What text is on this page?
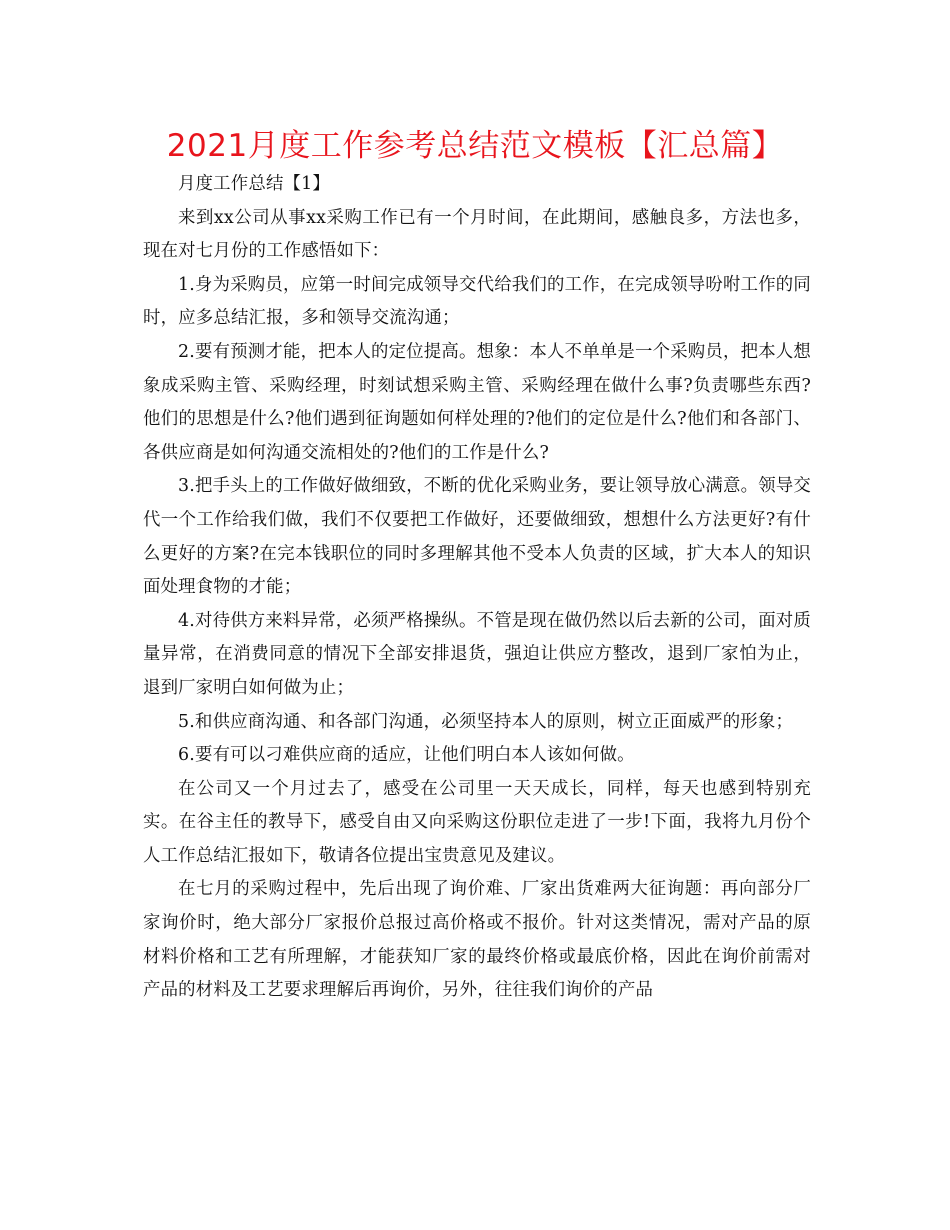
2021月度工作参考总结范文模板【汇总篇】

月度工作总结【1】

来到xx公司从事xx采购工作已有一个月时间，在此期间，感触良多，方法也多，现在对七月份的工作感悟如下：

1.身为采购员，应第一时间完成领导交代给我们的工作，在完成领导吩咐工作的同时，应多总结汇报，多和领导交流沟通；

2.要有预测才能，把本人的定位提高。想象：本人不单单是一个采购员，把本人想象成采购主管、采购经理，时刻试想采购主管、采购经理在做什么事?负责哪些东西?他们的思想是什么?他们遇到征询题如何样处理的?他们的定位是什么?他们和各部门、各供应商是如何沟通交流相处的?他们的工作是什么?

3.把手头上的工作做好做细致，不断的优化采购业务，要让领导放心满意。领导交代一个工作给我们做，我们不仅要把工作做好，还要做细致，想想什么方法更好?有什么更好的方案?在完本钱职位的同时多理解其他不受本人负责的区域，扩大本人的知识面处理食物的才能；

4.对待供方来料异常，必须严格操纵。不管是现在做仍然以后去新的公司，面对质量异常，在消费同意的情况下全部安排退货，强迫让供应方整改，退到厂家怕为止，退到厂家明白如何做为止；

5.和供应商沟通、和各部门沟通，必须坚持本人的原则，树立正面威严的形象；

6.要有可以刁难供应商的适应，让他们明白本人该如何做。

在公司又一个月过去了，感受在公司里一天天成长，同样，每天也感到特别充实。在谷主任的教导下，感受自由又向采购这份职位走进了一步!下面，我将九月份个人工作总结汇报如下，敬请各位提出宝贵意见及建议。

在七月的采购过程中，先后出现了询价难、厂家出货难两大征询题：再向部分厂家询价时，绝大部分厂家报价总报过高价格或不报价。针对这类情况，需对产品的原材料价格和工艺有所理解，才能获知厂家的最终价格或最底价格，因此在询价前需对产品的材料及工艺要求理解后再询价，另外，往往我们询价的产品
